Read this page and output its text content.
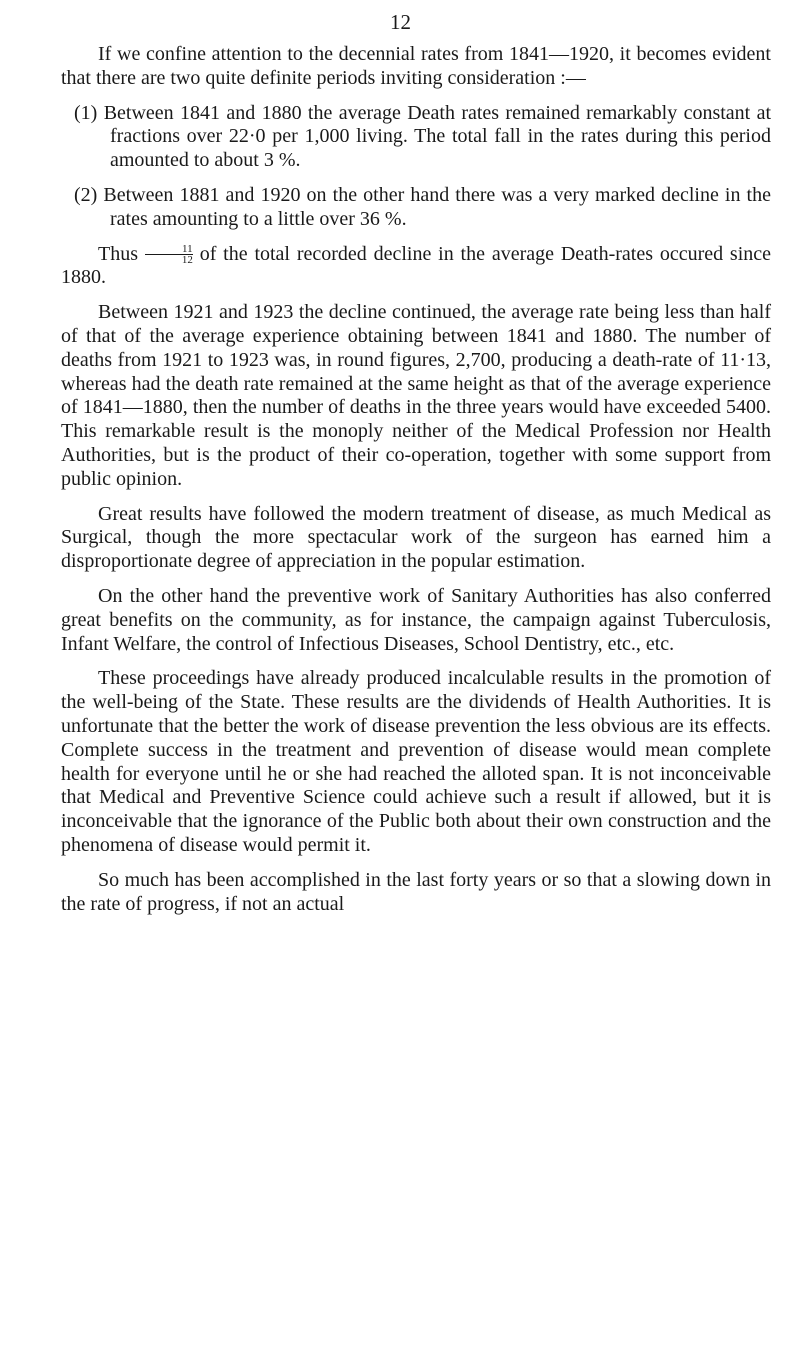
12

If we confine attention to the decennial rates from 1841—1920, it becomes evident that there are two quite definite periods inviting consideration :—

(1) Between 1841 and 1880 the average Death rates remained remarkably constant at fractions over 22·0 per 1,000 living. The total fall in the rates during this period amounted to about 3 %.

(2) Between 1881 and 1920 on the other hand there was a very marked decline in the rates amounting to a little over 36 %.

Thus $\frac{11}{12}$ of the total recorded decline in the average Death-rates occured since 1880.

Between 1921 and 1923 the decline continued, the average rate being less than half of that of the average experience obtaining between 1841 and 1880. The number of deaths from 1921 to 1923 was, in round figures, 2,700, producing a death-rate of 11·13, whereas had the death rate remained at the same height as that of the average experience of 1841—1880, then the number of deaths in the three years would have exceeded 5400. This remarkable result is the monoply neither of the Medical Profession nor Health Authorities, but is the product of their co-operation, together with some support from public opinion.

Great results have followed the modern treatment of disease, as much Medical as Surgical, though the more spectacular work of the surgeon has earned him a disproportionate degree of appreciation in the popular estimation.

On the other hand the preventive work of Sanitary Authorities has also conferred great benefits on the community, as for instance, the campaign against Tuberculosis, Infant Welfare, the control of Infectious Diseases, School Dentistry, etc., etc.

These proceedings have already produced incalculable results in the promotion of the well-being of the State. These results are the dividends of Health Authorities. It is unfortunate that the better the work of disease prevention the less obvious are its effects. Complete success in the treatment and prevention of disease would mean complete health for everyone until he or she had reached the alloted span. It is not inconceivable that Medical and Preventive Science could achieve such a result if allowed, but it is inconceivable that the ignorance of the Public both about their own construction and the phenomena of disease would permit it.

So much has been accomplished in the last forty years or so that a slowing down in the rate of progress, if not an actual
